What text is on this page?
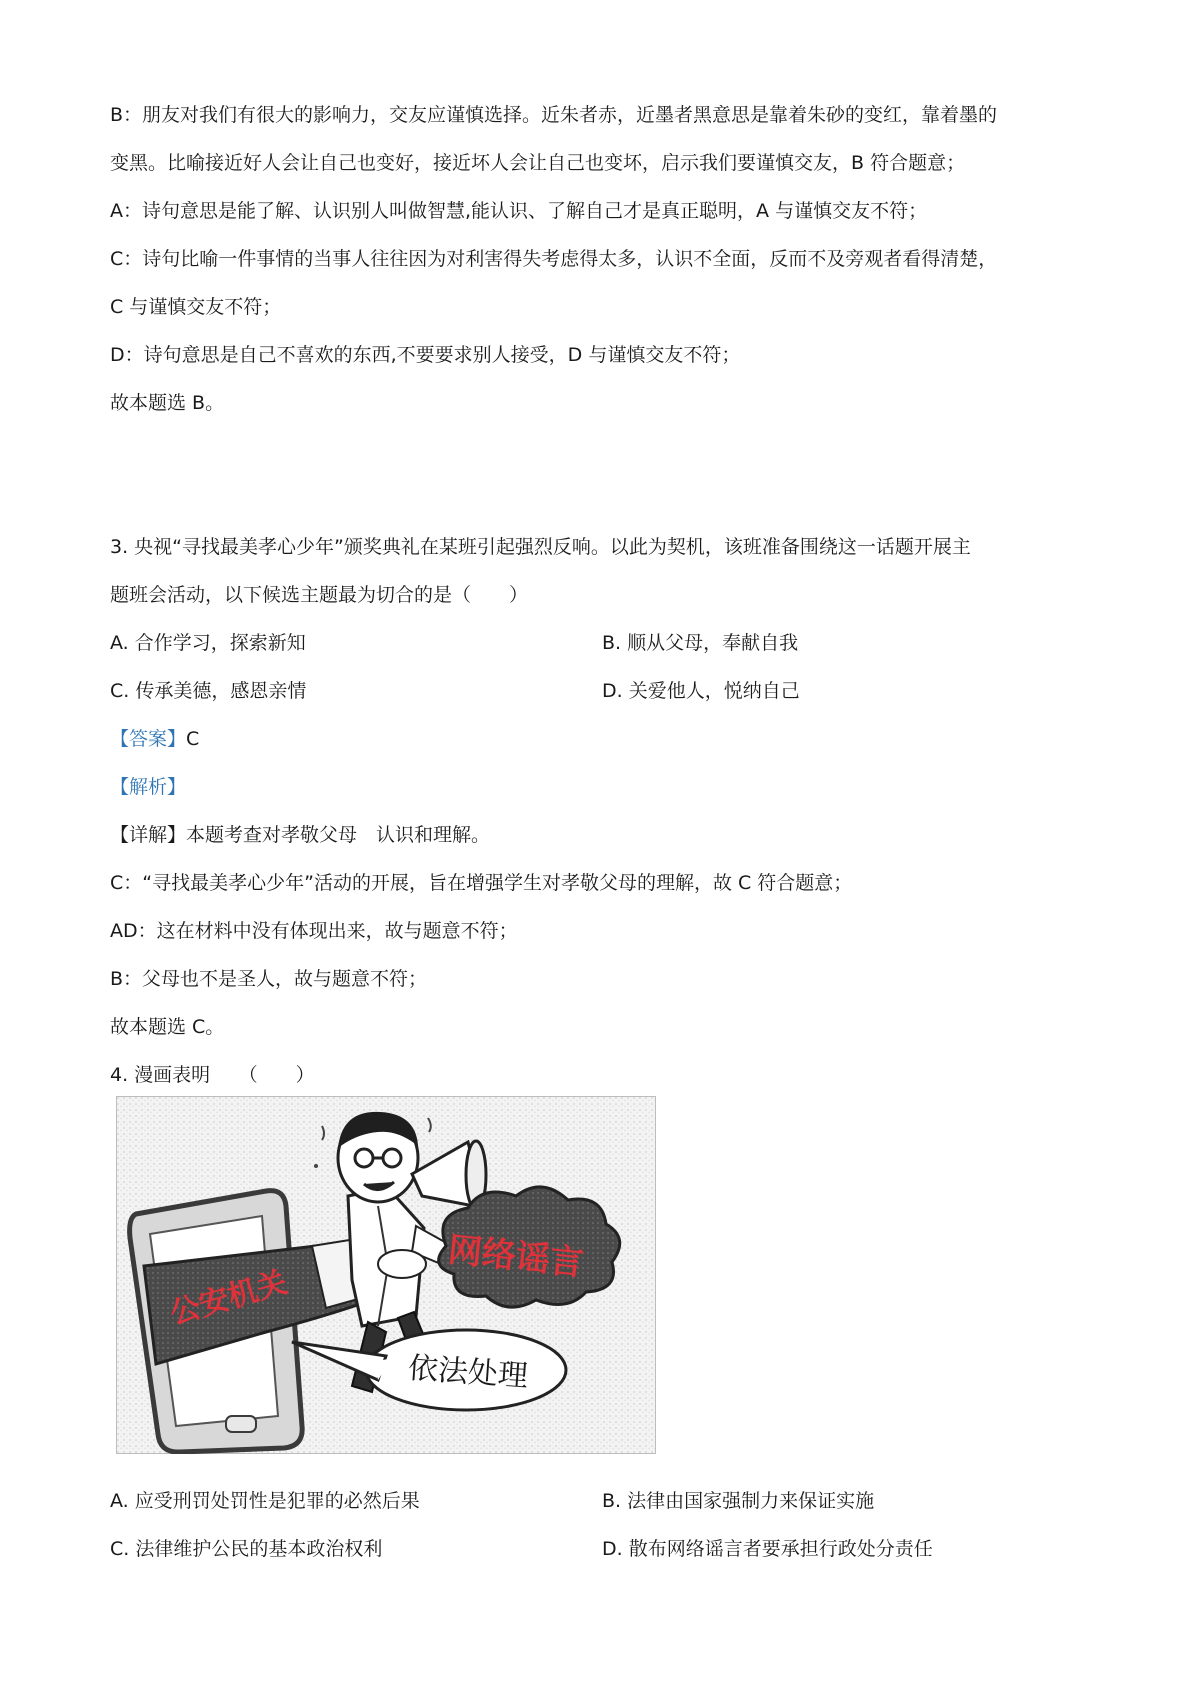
B：朋友对我们有很大的影响力，交友应谨慎选择。近朱者赤，近墨者黑意思是靠着朱砂的变红，靠着墨的
变黑。比喻接近好人会让自己也变好，接近坏人会让自己也变坏，启示我们要谨慎交友，B 符合题意；
A：诗句意思是能了解、认识别人叫做智慧,能认识、了解自己才是真正聪明，A 与谨慎交友不符；
C：诗句比喻一件事情的当事人往往因为对利害得失考虑得太多，认识不全面，反而不及旁观者看得清楚，
C 与谨慎交友不符；
D：诗句意思是自己不喜欢的东西,不要要求别人接受，D 与谨慎交友不符；
故本题选 B。
3. 央视“寻找最美孝心少年”颁奖典礼在某班引起强烈反响。以此为契机，该班准备围绕这一话题开展主
题班会活动，以下候选主题最为切合的是（　　）
A. 合作学习，探索新知	B. 顺从父母，奉献自我
C. 传承美德，感恩亲情	D. 关爱他人，悦纳自己
【答案】C
【解析】
【详解】本题考查对孝敬父母　认识和理解。
C：“寻找最美孝心少年”活动的开展，旨在增强学生对孝敬父母的理解，故 C 符合题意；
AD：这在材料中没有体现出来，故与题意不符；
B：父母也不是圣人，故与题意不符；
故本题选 C。
4. 漫画表明　　（　　）
网络谣言
公安机关
依法处理
A. 应受刑罚处罚性是犯罪的必然后果	B. 法律由国家强制力来保证实施
C. 法律维护公民的基本政治权利	D. 散布网络谣言者要承担行政处分责任
